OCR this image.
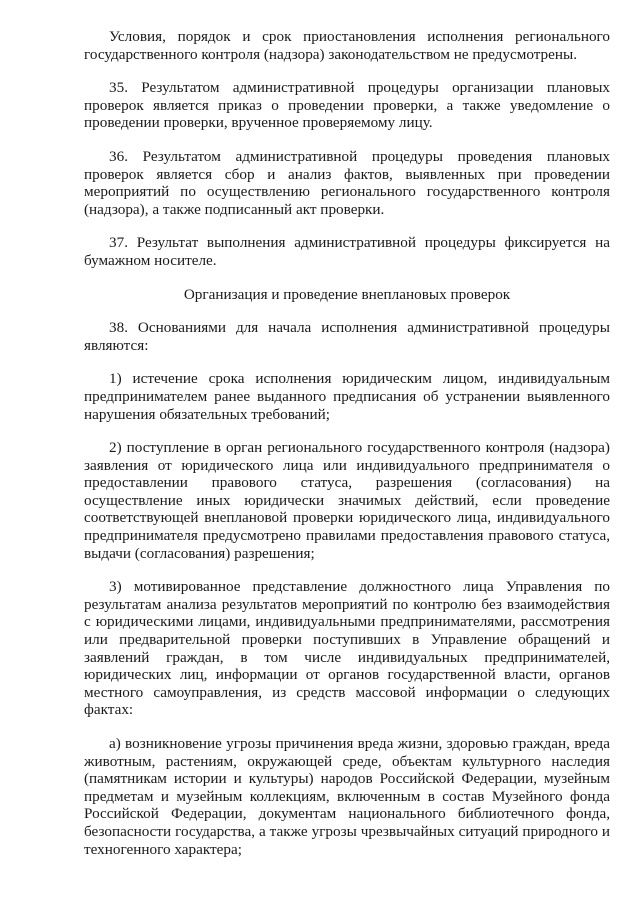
Условия, порядок и срок приостановления исполнения регионального государственного контроля (надзора) законодательством не предусмотрены.

35. Результатом административной процедуры организации плановых проверок является приказ о проведении проверки, а также уведомление о проведении проверки, врученное проверяемому лицу.

36. Результатом административной процедуры проведения плановых проверок является сбор и анализ фактов, выявленных при проведении мероприятий по осуществлению регионального государственного контроля (надзора), а также подписанный акт проверки.

37. Результат выполнения административной процедуры фиксируется на бумажном носителе.

Организация и проведение внеплановых проверок

38. Основаниями для начала исполнения административной процедуры являются:

1) истечение срока исполнения юридическим лицом, индивидуальным предпринимателем ранее выданного предписания об устранении выявленного нарушения обязательных требований;

2) поступление в орган регионального государственного контроля (надзора) заявления от юридического лица или индивидуального предпринимателя о предоставлении правового статуса, разрешения (согласования) на осуществление иных юридически значимых действий, если проведение соответствующей внеплановой проверки юридического лица, индивидуального предпринимателя предусмотрено правилами предоставления правового статуса, выдачи (согласования) разрешения;

3) мотивированное представление должностного лица Управления по результатам анализа результатов мероприятий по контролю без взаимодействия с юридическими лицами, индивидуальными предпринимателями, рассмотрения или предварительной проверки поступивших в Управление обращений и заявлений граждан, в том числе индивидуальных предпринимателей, юридических лиц, информации от органов государственной власти, органов местного самоуправления, из средств массовой информации о следующих фактах:

а) возникновение угрозы причинения вреда жизни, здоровью граждан, вреда животным, растениям, окружающей среде, объектам культурного наследия (памятникам истории и культуры) народов Российской Федерации, музейным предметам и музейным коллекциям, включенным в состав Музейного фонда Российской Федерации, документам национального библиотечного фонда, безопасности государства, а также угрозы чрезвычайных ситуаций природного и техногенного характера;
